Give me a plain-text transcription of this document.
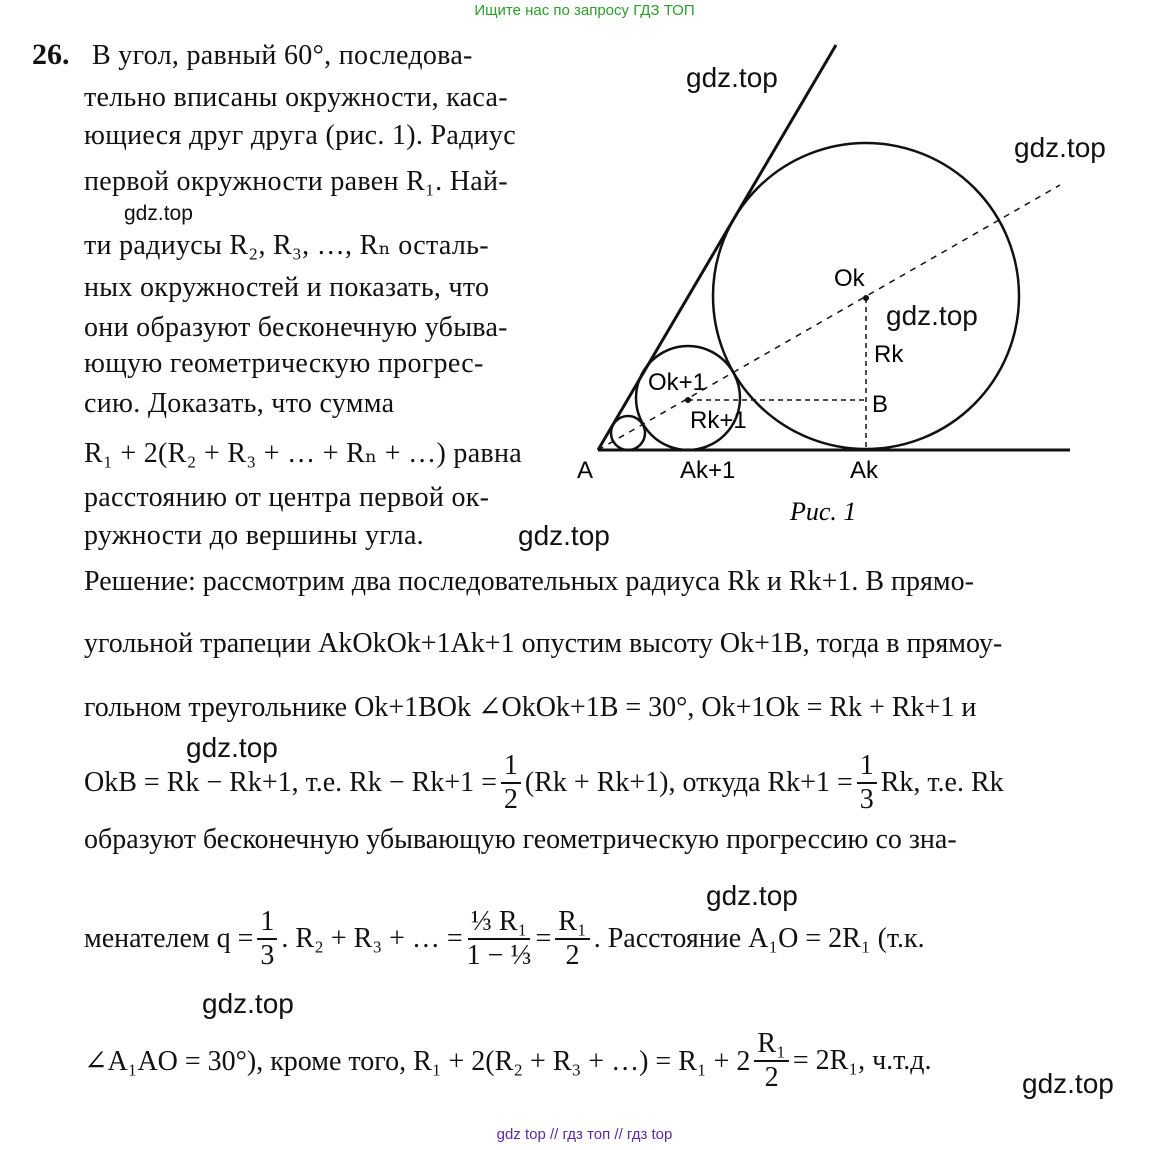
Ищите нас по запросу ГДЗ ТОП
26. В угол, равный 60°, последова-
тельно вписаны окружности, каса-
ющиеся друг друга (рис. 1). Радиус
первой окружности равен R₁. Най-
ти радиусы R₂, R₃, …, Rₙ осталь-
ных окружностей и показать, что
они образуют бесконечную убыва-
ющую геометрическую прогрес-
сию. Доказать, что сумма
R₁ + 2(R₂ + R₃ + … + Rₙ + …) равна
расстоянию от центра первой ок-
ружности до вершины угла.
A	Ak+1	Ak
Ok
Ok+1
Rk
Rk+1
B
Рис. 1
Решение: рассмотрим два последовательных радиуса Rk и Rk+1. В прямо-
угольной трапеции AkOkOk+1Ak+1 опустим высоту Ok+1B, тогда в прямоу-
гольном треугольнике Ok+1BOk ∠OkOk+1B = 30°, Ok+1Ok = Rk + Rk+1 и
OkB = Rk − Rk+1, т.е. $Rk - Rk+1 = \frac{1}{2} (Rk + Rk+1)$, откуда $Rk+1 = \frac{1}{3} Rk$, т.е. Rk
образуют бесконечную убывающую геометрическую прогрессию со зна-
менателем $q = \frac{1}{3}$ . R₂ + R₃ + … = $\frac{\text{⅓ R₁}}{\text{1 − ⅓}} = \frac{\text{R₁}}{2}$ . Расстояние A₁O = 2R₁ (т.к.
∠A₁AO = 30°), кроме того, R₁ + 2(R₂ + R₃ + …) = $R_1 + 2 \frac{\text{R₁}}{2} = 2R_1$, ч.т.д.
gdz.top
gdz.top
gdz.top
gdz.top
gdz.top
gdz.top
gdz.top
gdz.top
gdz.top
gdz top // гдз топ // гдз top
